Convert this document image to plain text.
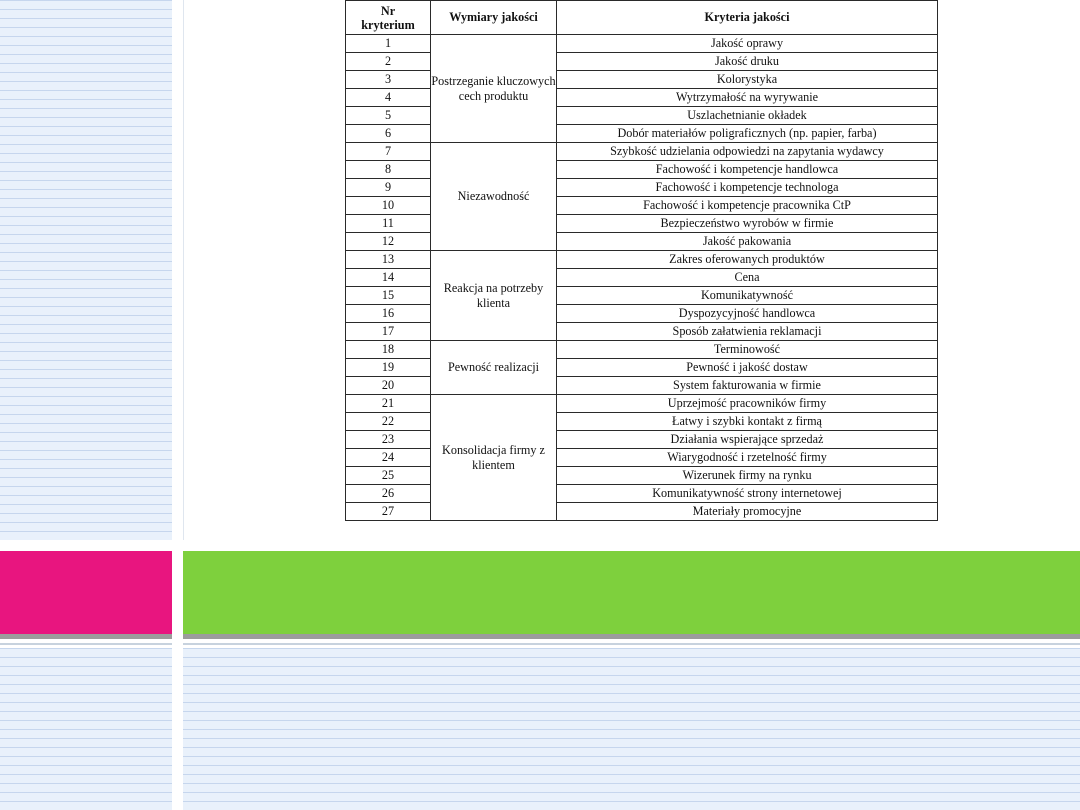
Nr
kryterium	Wymiary jakości	Kryteria jakości
1	Postrzeganie kluczowych cech produktu	Jakość oprawy
2		Jakość druku
3		Kolorystyka
4		Wytrzymałość na wyrywanie
5		Uszlachetnianie okładek
6		Dobór materiałów poligraficznych (np. papier, farba)
7	Niezawodność	Szybkość udzielania odpowiedzi na zapytania wydawcy
8		Fachowość i kompetencje handlowca
9		Fachowość i kompetencje technologa
10		Fachowość i kompetencje pracownika CtP
11		Bezpieczeństwo wyrobów w firmie
12		Jakość pakowania
13	Reakcja na potrzeby klienta	Zakres oferowanych produktów
14		Cena
15		Komunikatywność
16		Dyspozycyjność handlowca
17		Sposób załatwienia reklamacji
18	Pewność realizacji	Terminowość
19		Pewność i jakość dostaw
20		System fakturowania w firmie
21	Konsolidacja firmy z klientem	Uprzejmość pracowników firmy
22		Łatwy i szybki kontakt z firmą
23		Działania wspierające sprzedaż
24		Wiarygodność i rzetelność firmy
25		Wizerunek firmy na rynku
26		Komunikatywność strony internetowej
27		Materiały promocyjne
